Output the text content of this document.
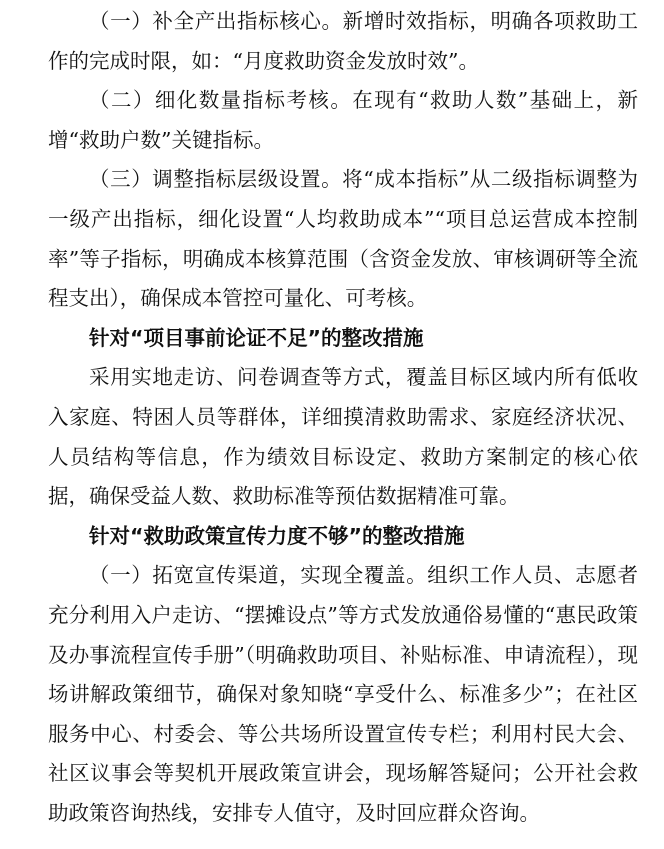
（一）补全产出指标核心。新增时效指标，明确各项救助工作的完成时限，如：“月度救助资金发放时效”。

（二）细化数量指标考核。在现有“救助人数”基础上，新增“救助户数”关键指标。

（三）调整指标层级设置。将“成本指标”从二级指标调整为一级产出指标，细化设置“人均救助成本”“项目总运营成本控制率”等子指标，明确成本核算范围（含资金发放、审核调研等全流程支出），确保成本管控可量化、可考核。

针对“项目事前论证不足”的整改措施

采用实地走访、问卷调查等方式，覆盖目标区域内所有低收入家庭、特困人员等群体，详细摸清救助需求、家庭经济状况、人员结构等信息，作为绩效目标设定、救助方案制定的核心依据，确保受益人数、救助标准等预估数据精准可靠。

针对“救助政策宣传力度不够”的整改措施

（一）拓宽宣传渠道，实现全覆盖。组织工作人员、志愿者充分利用入户走访、“摆摊设点”等方式发放通俗易懂的“惠民政策及办事流程宣传手册”（明确救助项目、补贴标准、申请流程），现场讲解政策细节，确保对象知晓“享受什么、标准多少”；在社区服务中心、村委会、等公共场所设置宣传专栏；利用村民大会、社区议事会等契机开展政策宣讲会，现场解答疑问；公开社会救助政策咨询热线，安排专人值守，及时回应群众咨询。
